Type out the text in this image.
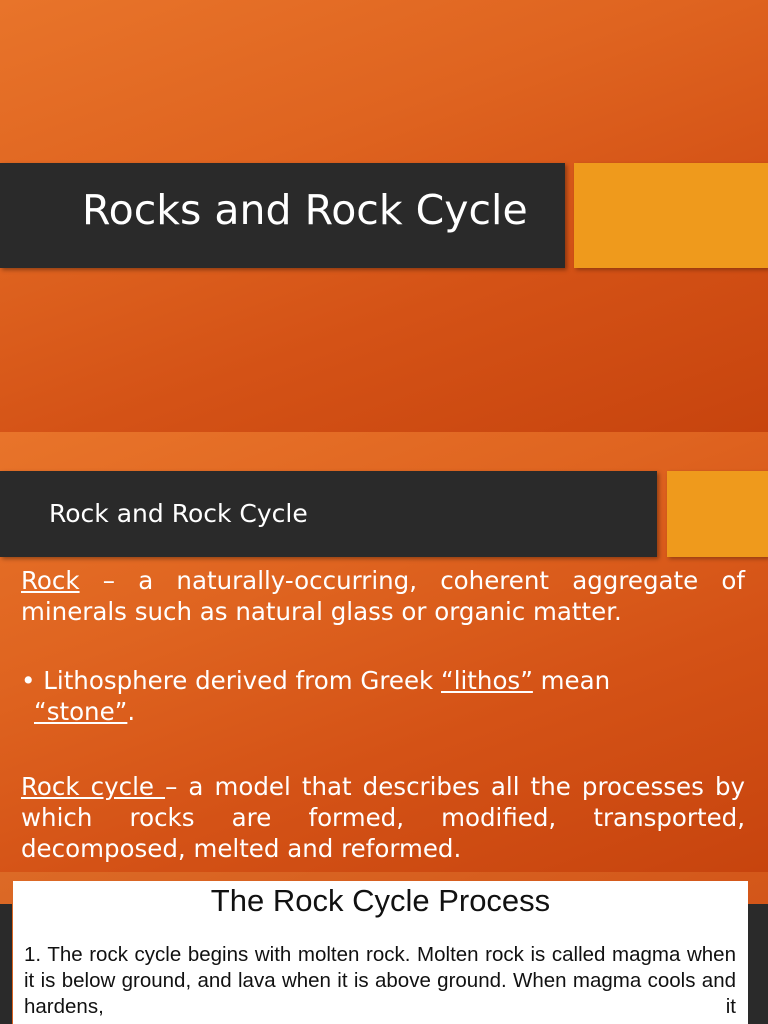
Rocks and Rock Cycle
Rock and Rock Cycle
Rock – a naturally-occurring, coherent aggregate of minerals such as natural glass or organic matter.
• Lithosphere derived from Greek “lithos” mean
“stone”.
Rock cycle – a model that describes all the processes by which rocks are formed, modified, transported, decomposed, melted and reformed.
The Rock Cycle Process
1. The rock cycle begins with molten rock. Molten rock is called magma when it is below ground, and lava when it is above ground. When magma cools and hardens, it
